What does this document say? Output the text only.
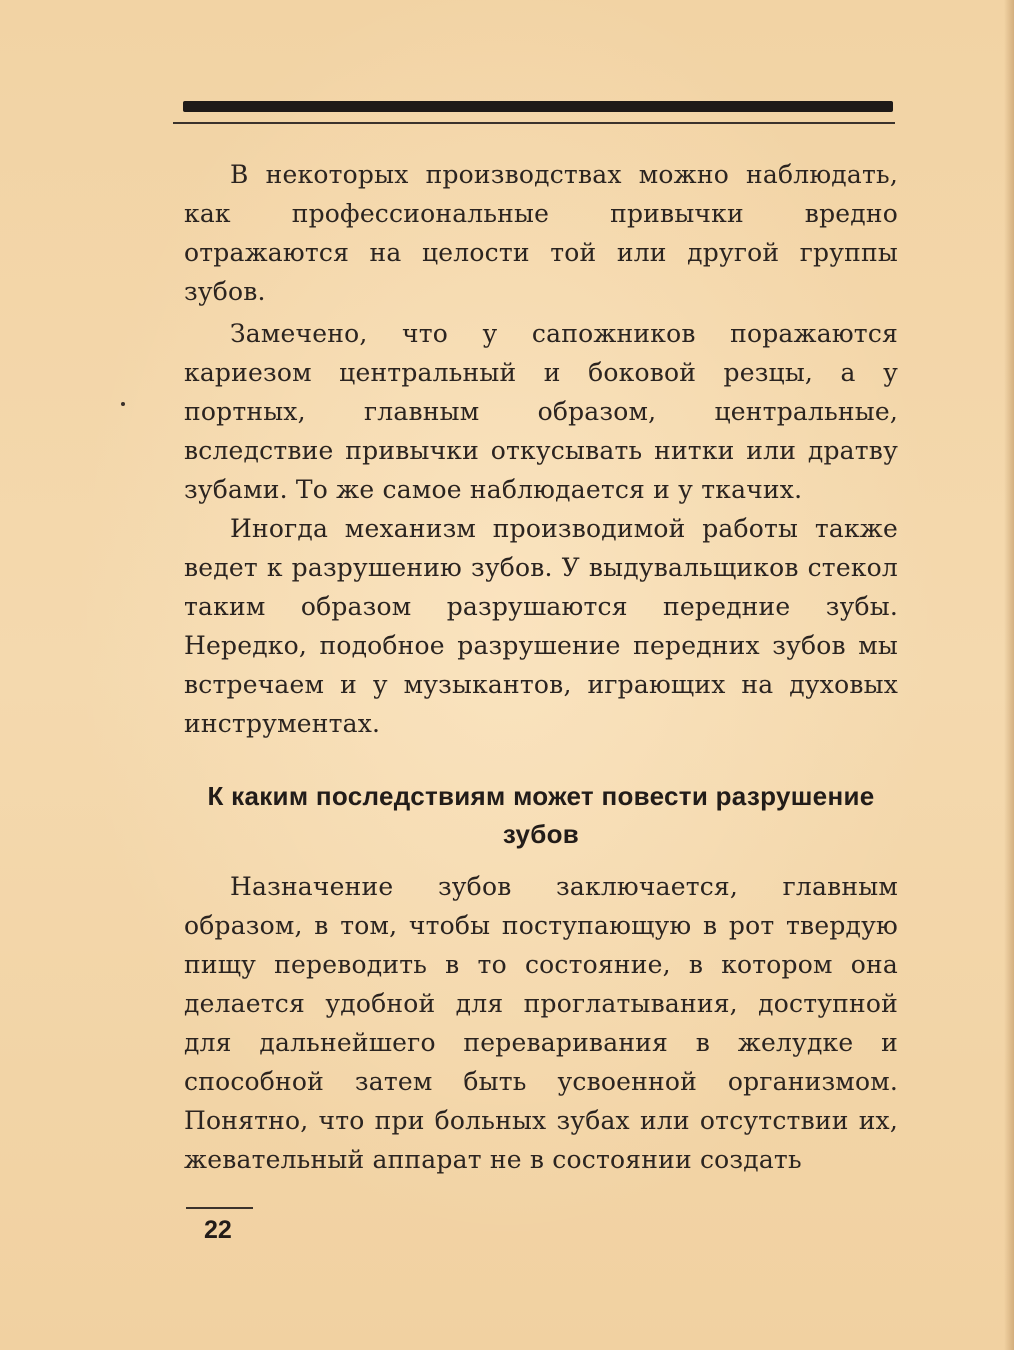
В некоторых производствах можно наблюдать, как профессиональные привычки вредно отражаются на целости той или другой группы зубов.

Замечено, что у сапожников поражаются кариезом центральный и боковой резцы, а у портных, главным образом, центральные, вследствие привычки откусывать нитки или дратву зубами. То же самое наблюдается и у ткачих.

Иногда механизм производимой работы также ведет к разрушению зубов. У выдувальщиков стекол таким образом разрушаются передние зубы. Нередко, подобное разрушение передних зубов мы встречаем и у музыкантов, играющих на духовых инструментах.

К каким последствиям может повести разрушение зубов

Назначение зубов заключается, главным образом, в том, чтобы поступающую в рот твердую пищу переводить в то состояние, в котором она делается удобной для проглатывания, доступной для дальнейшего переваривания в желудке и способной затем быть усвоенной организмом. Понятно, что при больных зубах или отсутствии их, жевательный аппарат не в состоянии создать

22
